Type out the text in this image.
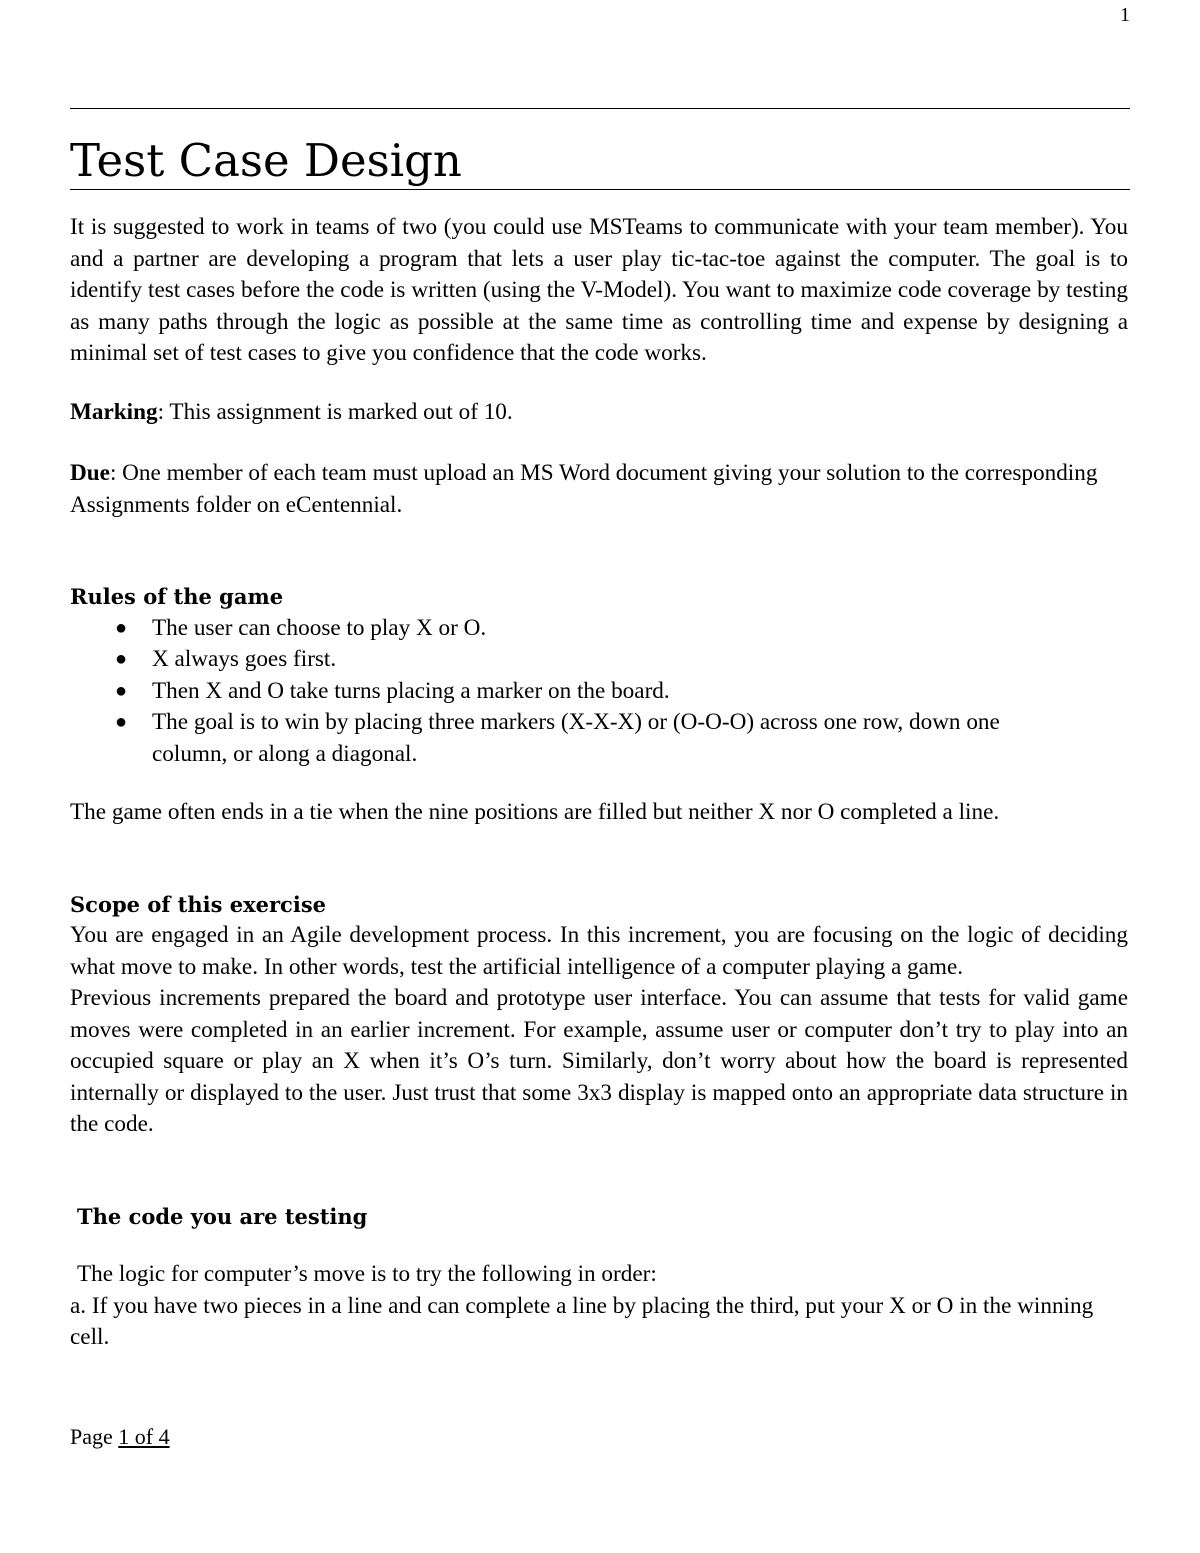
1
Test Case Design

It is suggested to work in teams of two (you could use MSTeams to communicate with your team member). You and a partner are developing a program that lets a user play tic-tac-toe against the computer. The goal is to identify test cases before the code is written (using the V-Model). You want to maximize code coverage by testing as many paths through the logic as possible at the same time as controlling time and expense by designing a minimal set of test cases to give you confidence that the code works.

Marking: This assignment is marked out of 10.

Due: One member of each team must upload an MS Word document giving your solution to the corresponding Assignments folder on eCentennial.

Rules of the game
● The user can choose to play X or O.
● X always goes first.
● Then X and O take turns placing a marker on the board.
● The goal is to win by placing three markers (X-X-X) or (O-O-O) across one row, down one column, or along a diagonal.

The game often ends in a tie when the nine positions are filled but neither X nor O completed a line.

Scope of this exercise

You are engaged in an Agile development process. In this increment, you are focusing on the logic of deciding what move to make. In other words, test the artificial intelligence of a computer playing a game.

Previous increments prepared the board and prototype user interface. You can assume that tests for valid game moves were completed in an earlier increment. For example, assume user or computer don’t try to play into an occupied square or play an X when it’s O’s turn. Similarly, don’t worry about how the board is represented internally or displayed to the user. Just trust that some 3x3 display is mapped onto an appropriate data structure in the code.

The code you are testing

The logic for computer’s move is to try the following in order:

a. If you have two pieces in a line and can complete a line by placing the third, put your X or O in the winning cell.

Page 1 of 4
